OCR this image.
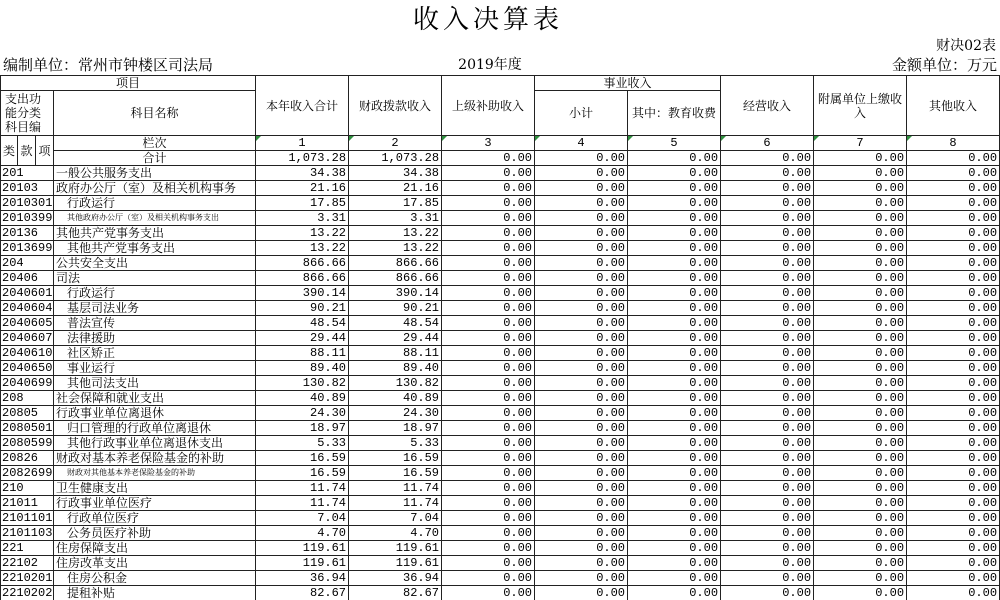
收入决算表
财决02表
编制单位：常州市钟楼区司法局	2019年度	金额单位：万元
项目				本年收入合计	财政拨款收入	上级补助收入	事业收入		经营收入	附属单位上缴收入	其他收入
支出功能分类科目编			科目名称				小计	其中：教育收费			
类	款	项	栏次	1	2	3	4	5	6	7	8
			合计	1,073.28	1,073.28	0.00	0.00	0.00	0.00	0.00	0.00
201			一般公共服务支出	34.38	34.38	0.00	0.00	0.00	0.00	0.00	0.00
20103			政府办公厅（室）及相关机构事务	21.16	21.16	0.00	0.00	0.00	0.00	0.00	0.00
2010301			行政运行	17.85	17.85	0.00	0.00	0.00	0.00	0.00	0.00
2010399			其他政府办公厅（室）及相关机构事务支出	3.31	3.31	0.00	0.00	0.00	0.00	0.00	0.00
20136			其他共产党事务支出	13.22	13.22	0.00	0.00	0.00	0.00	0.00	0.00
2013699			其他共产党事务支出	13.22	13.22	0.00	0.00	0.00	0.00	0.00	0.00
204			公共安全支出	866.66	866.66	0.00	0.00	0.00	0.00	0.00	0.00
20406			司法	866.66	866.66	0.00	0.00	0.00	0.00	0.00	0.00
2040601			行政运行	390.14	390.14	0.00	0.00	0.00	0.00	0.00	0.00
2040604			基层司法业务	90.21	90.21	0.00	0.00	0.00	0.00	0.00	0.00
2040605			普法宣传	48.54	48.54	0.00	0.00	0.00	0.00	0.00	0.00
2040607			法律援助	29.44	29.44	0.00	0.00	0.00	0.00	0.00	0.00
2040610			社区矫正	88.11	88.11	0.00	0.00	0.00	0.00	0.00	0.00
2040650			事业运行	89.40	89.40	0.00	0.00	0.00	0.00	0.00	0.00
2040699			其他司法支出	130.82	130.82	0.00	0.00	0.00	0.00	0.00	0.00
208			社会保障和就业支出	40.89	40.89	0.00	0.00	0.00	0.00	0.00	0.00
20805			行政事业单位离退休	24.30	24.30	0.00	0.00	0.00	0.00	0.00	0.00
2080501			归口管理的行政单位离退休	18.97	18.97	0.00	0.00	0.00	0.00	0.00	0.00
2080599			其他行政事业单位离退休支出	5.33	5.33	0.00	0.00	0.00	0.00	0.00	0.00
20826			财政对基本养老保险基金的补助	16.59	16.59	0.00	0.00	0.00	0.00	0.00	0.00
2082699			财政对其他基本养老保险基金的补助	16.59	16.59	0.00	0.00	0.00	0.00	0.00	0.00
210			卫生健康支出	11.74	11.74	0.00	0.00	0.00	0.00	0.00	0.00
21011			行政事业单位医疗	11.74	11.74	0.00	0.00	0.00	0.00	0.00	0.00
2101101			行政单位医疗	7.04	7.04	0.00	0.00	0.00	0.00	0.00	0.00
2101103			公务员医疗补助	4.70	4.70	0.00	0.00	0.00	0.00	0.00	0.00
221			住房保障支出	119.61	119.61	0.00	0.00	0.00	0.00	0.00	0.00
22102			住房改革支出	119.61	119.61	0.00	0.00	0.00	0.00	0.00	0.00
2210201			住房公积金	36.94	36.94	0.00	0.00	0.00	0.00	0.00	0.00
2210202			提租补贴	82.67	82.67	0.00	0.00	0.00	0.00	0.00	0.00
